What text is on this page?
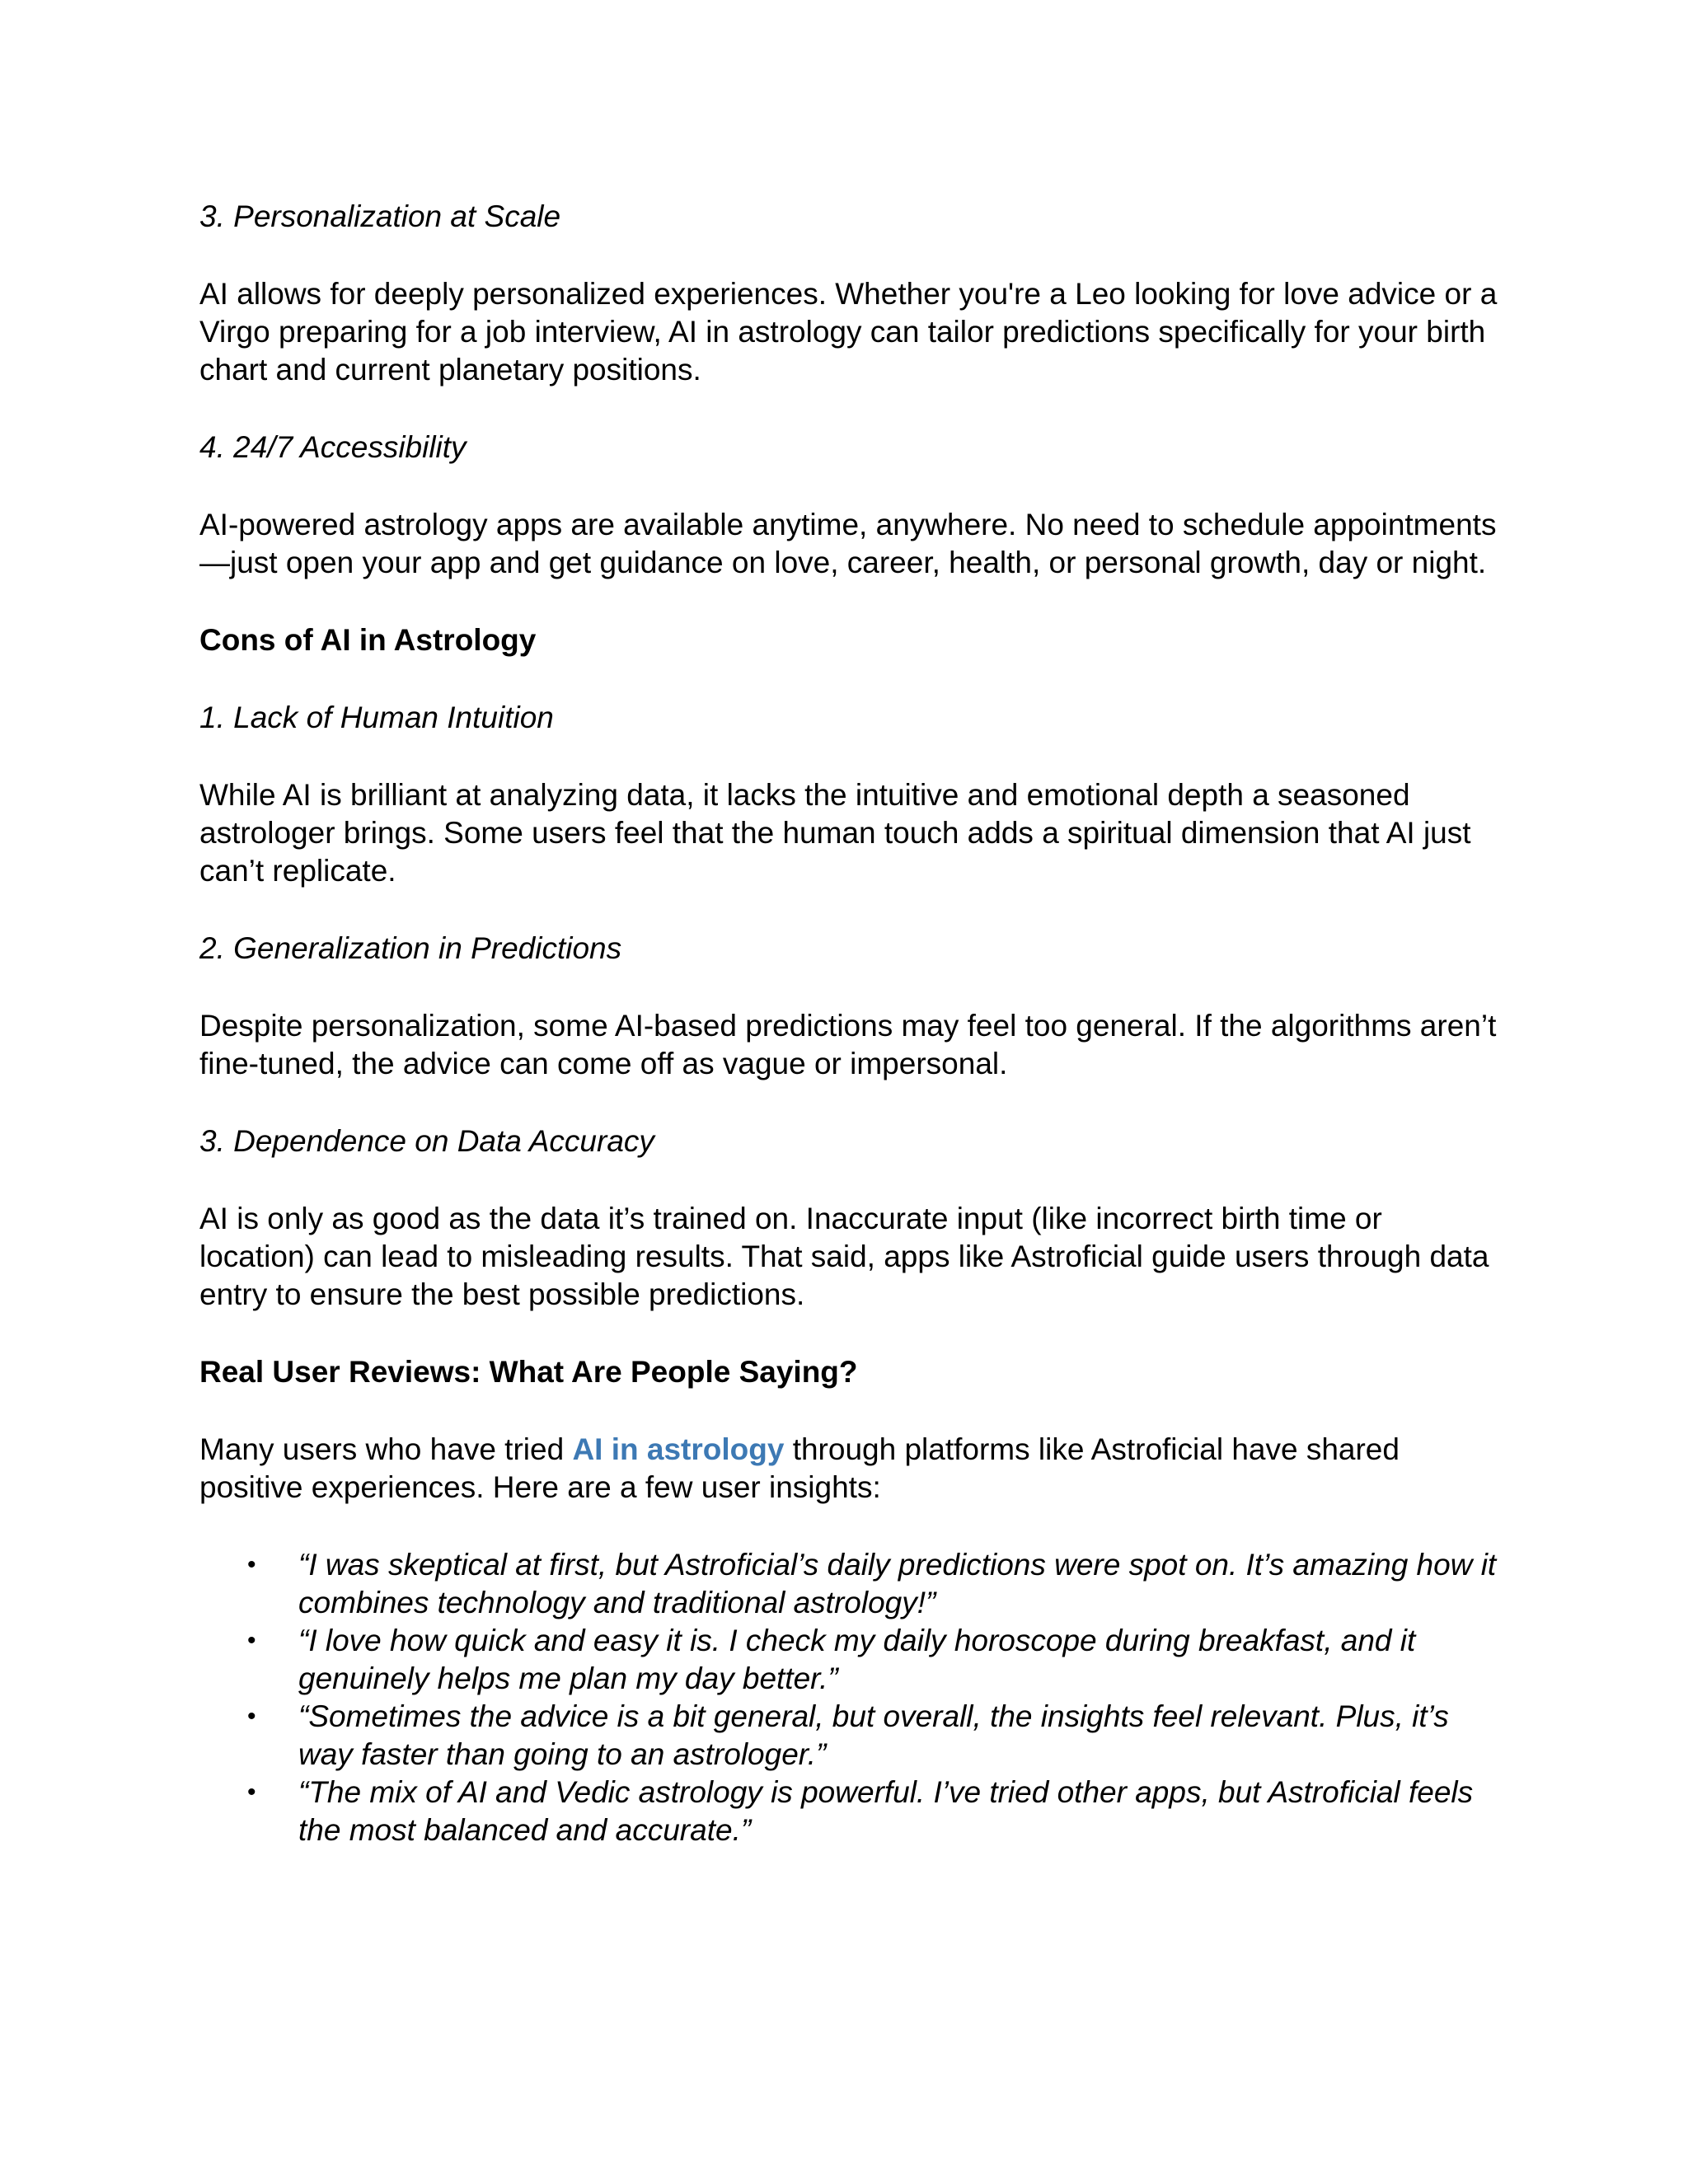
3. Personalization at Scale

AI allows for deeply personalized experiences. Whether you're a Leo looking for love advice or a Virgo preparing for a job interview, AI in astrology can tailor predictions specifically for your birth chart and current planetary positions.

4. 24/7 Accessibility

AI-powered astrology apps are available anytime, anywhere. No need to schedule appointments—just open your app and get guidance on love, career, health, or personal growth, day or night.

Cons of AI in Astrology

1. Lack of Human Intuition

While AI is brilliant at analyzing data, it lacks the intuitive and emotional depth a seasoned astrologer brings. Some users feel that the human touch adds a spiritual dimension that AI just can’t replicate.

2. Generalization in Predictions

Despite personalization, some AI-based predictions may feel too general. If the algorithms aren’t fine-tuned, the advice can come off as vague or impersonal.

3. Dependence on Data Accuracy

AI is only as good as the data it’s trained on. Inaccurate input (like incorrect birth time or location) can lead to misleading results. That said, apps like Astroficial guide users through data entry to ensure the best possible predictions.

Real User Reviews: What Are People Saying?

Many users who have tried AI in astrology through platforms like Astroficial have shared positive experiences. Here are a few user insights:

• “I was skeptical at first, but Astroficial’s daily predictions were spot on. It’s amazing how it combines technology and traditional astrology!”
• “I love how quick and easy it is. I check my daily horoscope during breakfast, and it genuinely helps me plan my day better.”
• “Sometimes the advice is a bit general, but overall, the insights feel relevant. Plus, it’s way faster than going to an astrologer.”
• “The mix of AI and Vedic astrology is powerful. I’ve tried other apps, but Astroficial feels the most balanced and accurate.”
